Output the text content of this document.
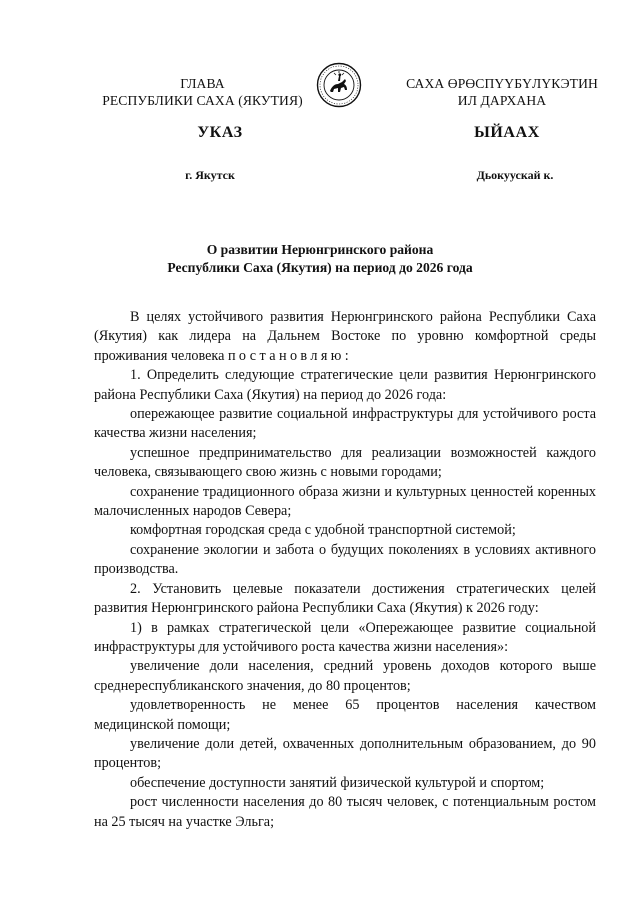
ГЛАВА
РЕСПУБЛИКИ САХА (ЯКУТИЯ)
САХА ӨРӨСПҮҮБҮЛҮКЭТИН
ИЛ ДАРХАНА
УКАЗ	ЫЙААХ
г. Якутск	Дьокуускай к.
О развитии Нерюнгринского района
Республики Саха (Якутия) на период до 2026 года

В целях устойчивого развития Нерюнгринского района Республики Саха (Якутия) как лидера на Дальнем Востоке по уровню комфортной среды проживания человека постановляю:

1. Определить следующие стратегические цели развития Нерюнгринского района Республики Саха (Якутия) на период до 2026 года:

опережающее развитие социальной инфраструктуры для устойчивого роста качества жизни населения;

успешное предпринимательство для реализации возможностей каждого человека, связывающего свою жизнь с новыми городами;

сохранение традиционного образа жизни и культурных ценностей коренных малочисленных народов Севера;

комфортная городская среда с удобной транспортной системой;

сохранение экологии и забота о будущих поколениях в условиях активного производства.

2. Установить целевые показатели достижения стратегических целей развития Нерюнгринского района Республики Саха (Якутия) к 2026 году:

1) в рамках стратегической цели «Опережающее развитие социальной инфраструктуры для устойчивого роста качества жизни населения»:

увеличение доли населения, средний уровень доходов которого выше среднереспубликанского значения, до 80 процентов;

удовлетворенность не менее 65 процентов населения качеством медицинской помощи;

увеличение доли детей, охваченных дополнительным образованием, до 90 процентов;

обеспечение доступности занятий физической культурой и спортом;

рост численности населения до 80 тысяч человек, с потенциальным ростом на 25 тысяч на участке Эльга;
